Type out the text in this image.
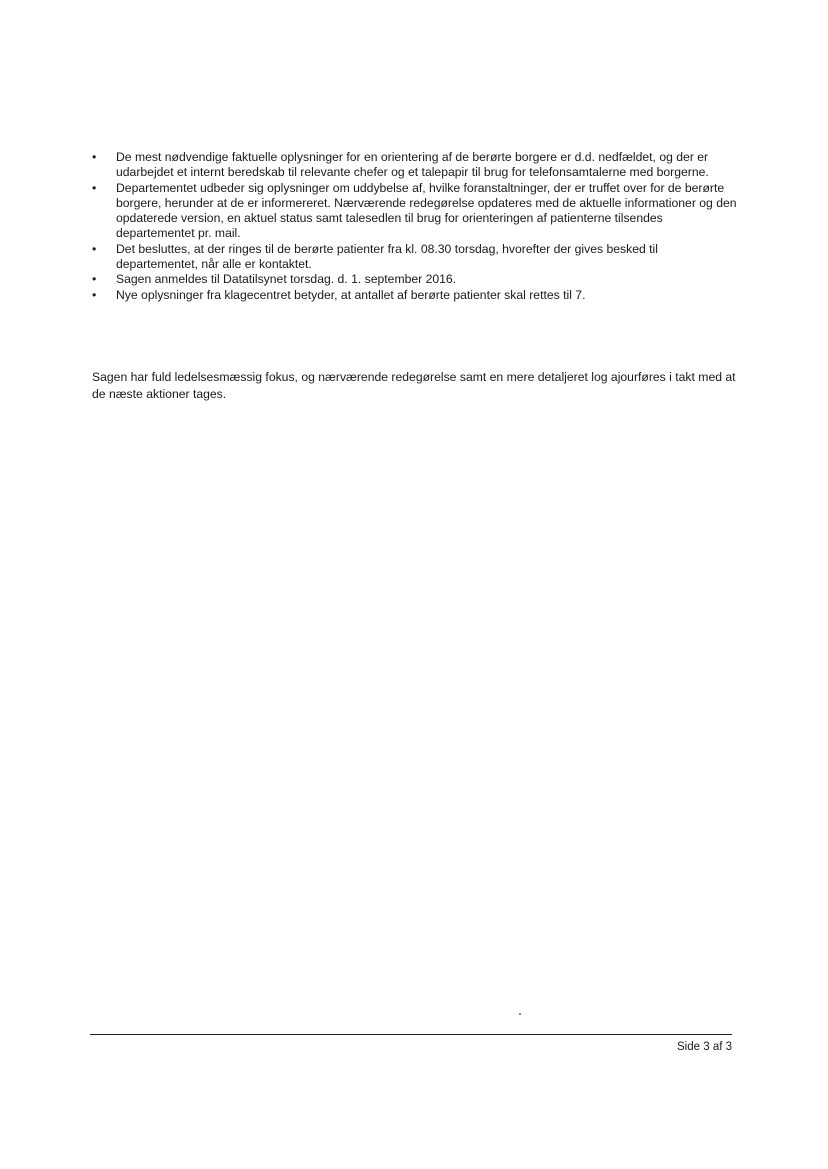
•	De mest nødvendige faktuelle oplysninger for en orientering af de berørte borgere er d.d. nedfældet, og der er udarbejdet et internt beredskab til relevante chefer og et talepapir til brug for telefonsamtalerne med borgerne.
•	Departementet udbeder sig oplysninger om uddybelse af, hvilke foranstaltninger, der er truffet over for de berørte borgere, herunder at de er informereret. Nærværende redegørelse opdateres med de aktuelle informationer og den opdaterede version, en aktuel status samt talesedlen til brug for orienteringen af patienterne tilsendes departementet pr. mail.
•	Det besluttes, at der ringes til de berørte patienter fra kl. 08.30 torsdag, hvorefter der gives besked til departementet, når alle er kontaktet.
•	Sagen anmeldes til Datatilsynet torsdag. d. 1. september 2016.
•	Nye oplysninger fra klagecentret betyder, at antallet af berørte patienter skal rettes til 7.

Sagen har fuld ledelsesmæssig fokus, og nærværende redegørelse samt en mere detaljeret log ajourføres i takt med at de næste aktioner tages.

Side 3 af 3
